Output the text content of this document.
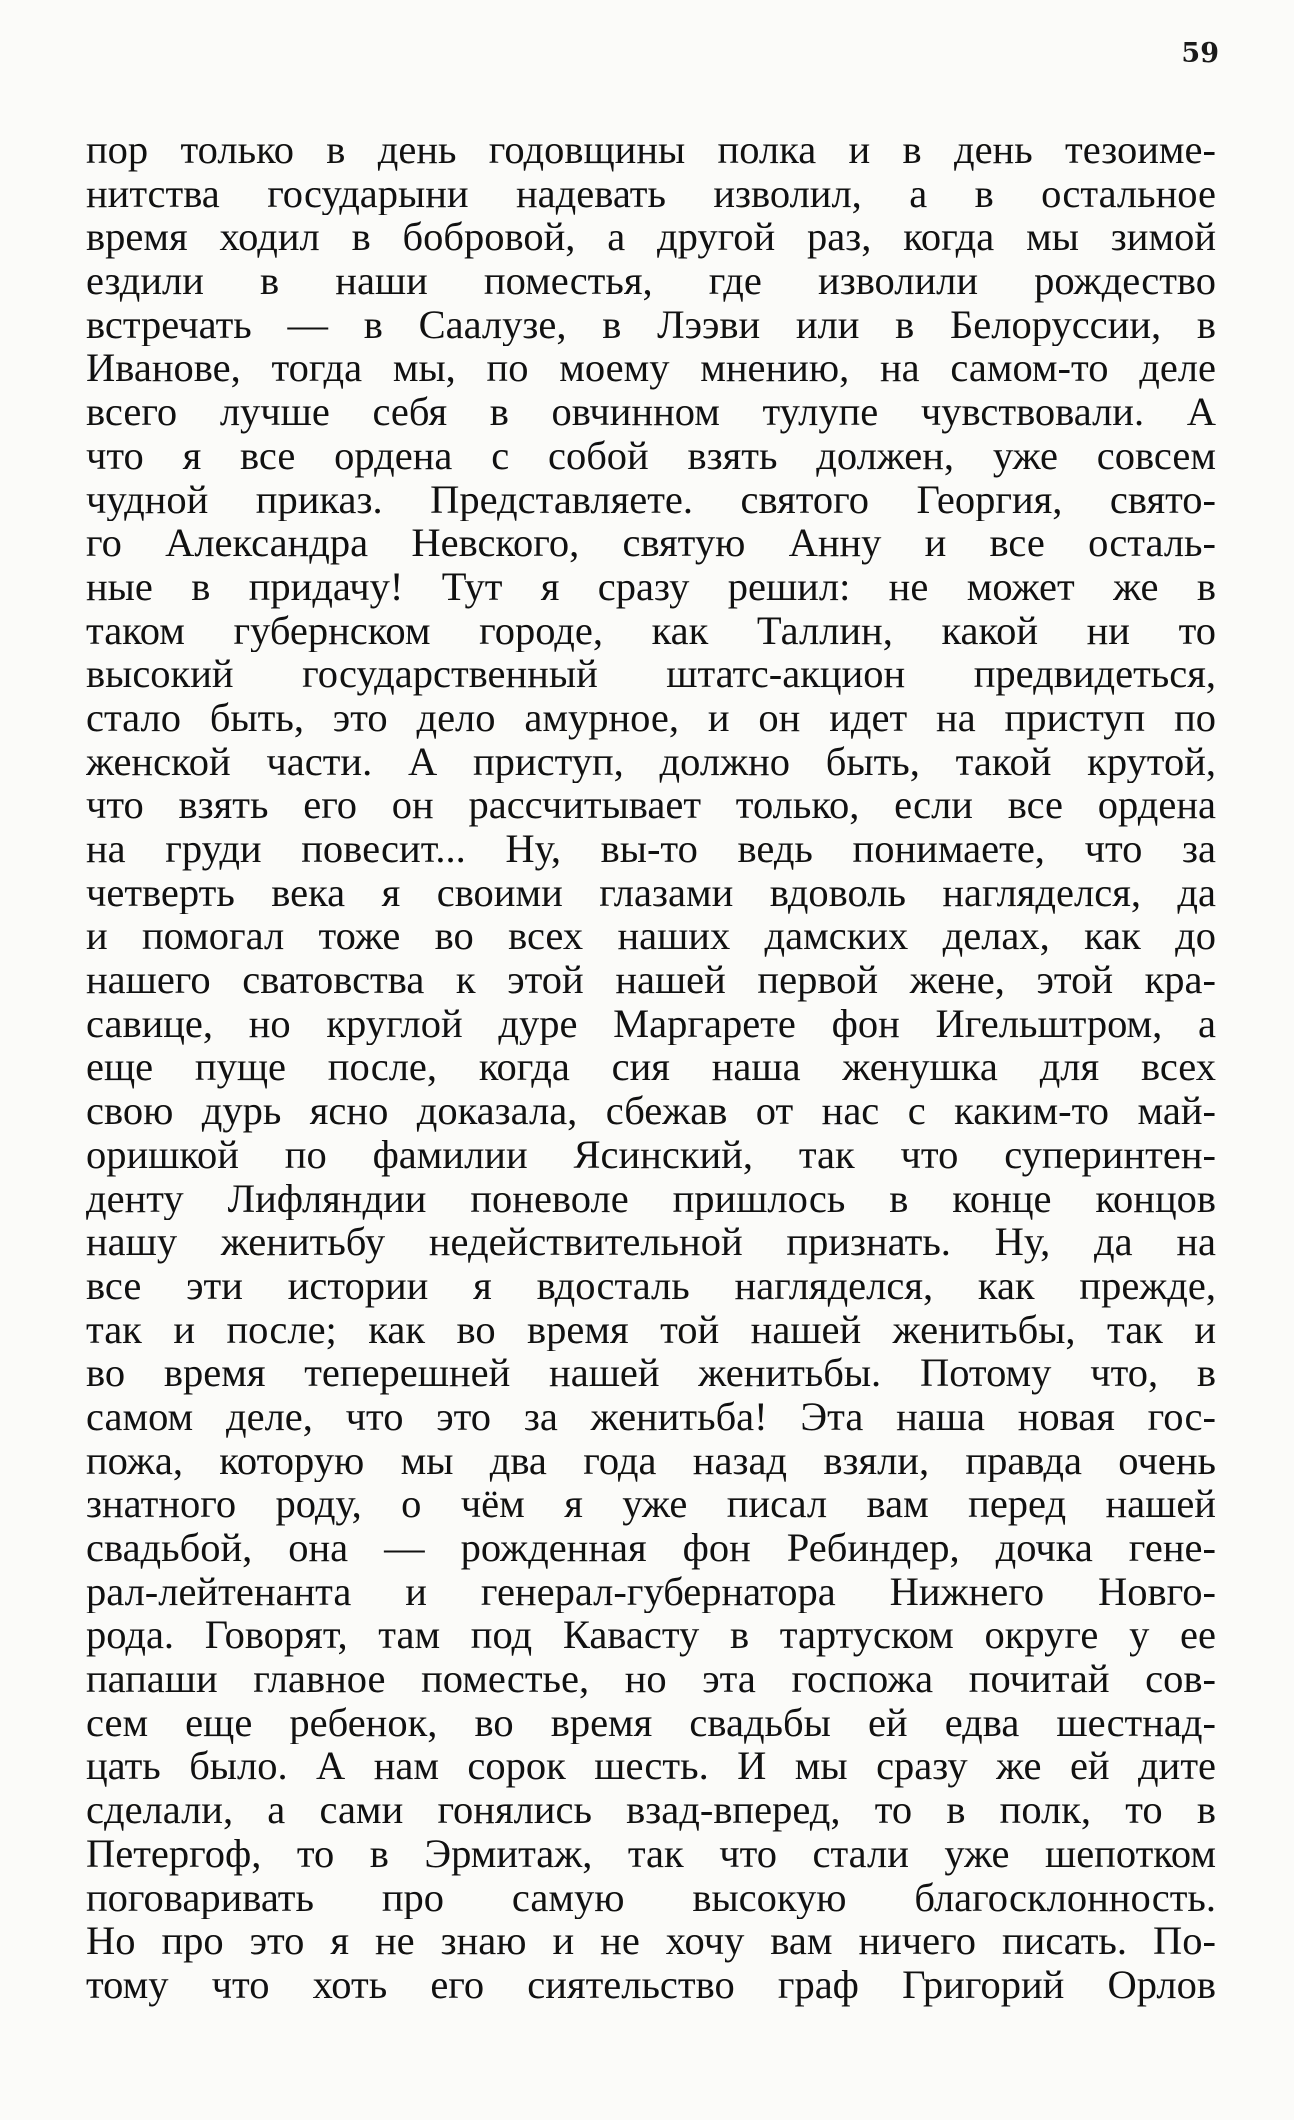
59
пор только в день годовщины полка и в день тезоиме-
нитства государыни надевать изволил, а в остальное
время ходил в бобровой, а другой раз, когда мы зимой
ездили в наши поместья, где изволили рождество
встречать — в Саалузе, в Лээви или в Белоруссии, в
Иванове, тогда мы, по моему мнению, на самом-то деле
всего лучше себя в овчинном тулупе чувствовали. А
что я все ордена с собой взять должен, уже совсем
чудной приказ. Представляете. святого Георгия, свято-
го Александра Невского, святую Анну и все осталь-
ные в придачу! Тут я сразу решил: не может же в
таком губернском городе, как Таллин, какой ни то
высокий государственный штатс-акцион предвидеться,
стало быть, это дело амурное, и он идет на приступ по
женской части. А приступ, должно быть, такой крутой,
что взять его он рассчитывает только, если все ордена
на груди повесит... Ну, вы-то ведь понимаете, что за
четверть века я своими глазами вдоволь нагляделся, да
и помогал тоже во всех наших дамских делах, как до
нашего сватовства к этой нашей первой жене, этой кра-
савице, но круглой дуре Маргарете фон Игельштром, а
еще пуще после, когда сия наша женушка для всех
свою дурь ясно доказала, сбежав от нас с каким-то май-
оришкой по фамилии Ясинский, так что суперинтен-
денту Лифляндии поневоле пришлось в конце концов
нашу женитьбу недействительной признать. Ну, да на
все эти истории я вдосталь нагляделся, как прежде,
так и после; как во время той нашей женитьбы, так и
во время теперешней нашей женитьбы. Потому что, в
самом деле, что это за женитьба! Эта наша новая гос-
пожа, которую мы два года назад взяли, правда очень
знатного роду, о чём я уже писал вам перед нашей
свадьбой, она — рожденная фон Ребиндер, дочка гене-
рал-лейтенанта и генерал-губернатора Нижнего Новго-
рода. Говорят, там под Кавасту в тартуском округе у ее
папаши главное поместье, но эта госпожа почитай сов-
сем еще ребенок, во время свадьбы ей едва шестнад-
цать было. А нам сорок шесть. И мы сразу же ей дите
сделали, а сами гонялись взад-вперед, то в полк, то в
Петергоф, то в Эрмитаж, так что стали уже шепотком
поговаривать про самую высокую благосклонность.
Но про это я не знаю и не хочу вам ничего писать. По-
тому что хоть его сиятельство граф Григорий Орлов
